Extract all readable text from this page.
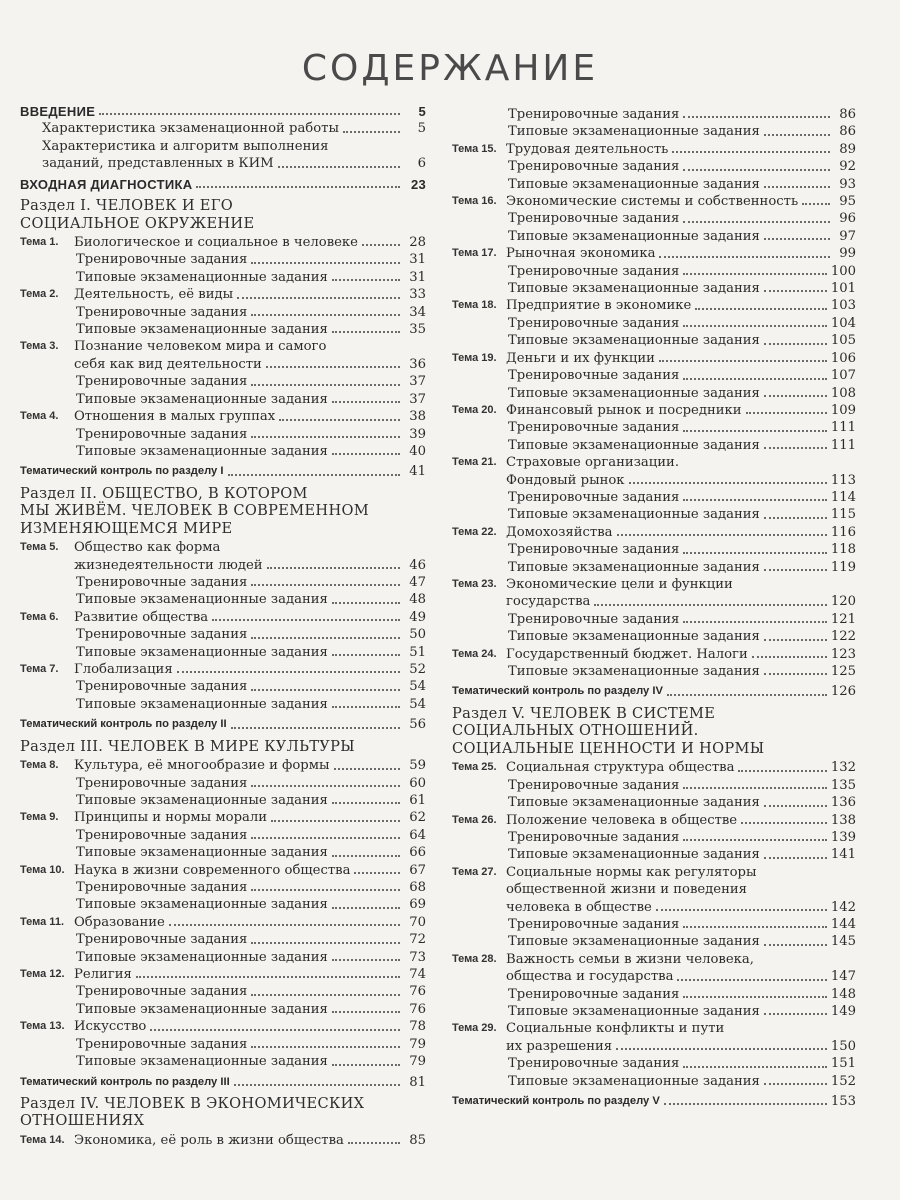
СОДЕРЖАНИЕ
ВВЕДЕНИЕ	5
Характеристика экзаменационной работы	5
Характеристика и алгоритм выполнения
заданий, представленных в КИМ	6
ВХОДНАЯ ДИАГНОСТИКА	23
Раздел I. ЧЕЛОВЕК И ЕГО
СОЦИАЛЬНОЕ ОКРУЖЕНИЕ
Тема 1.	Биологическое и социальное в человеке	28
Тренировочные задания	31
Типовые экзаменационные задания	31
Тема 2.	Деятельность, её виды	33
Тренировочные задания	34
Типовые экзаменационные задания	35
Тема 3.	Познание человеком мира и самого
себя как вид деятельности	36
Тренировочные задания	37
Типовые экзаменационные задания	37
Тема 4.	Отношения в малых группах	38
Тренировочные задания	39
Типовые экзаменационные задания	40
Тематический контроль по разделу I	41
Раздел II. ОБЩЕСТВО, В КОТОРОМ
МЫ ЖИВЁМ. ЧЕЛОВЕК В СОВРЕМЕННОМ
ИЗМЕНЯЮЩЕМСЯ МИРЕ
Тема 5.	Общество как форма
жизнедеятельности людей	46
Тренировочные задания	47
Типовые экзаменационные задания	48
Тема 6.	Развитие общества	49
Тренировочные задания	50
Типовые экзаменационные задания	51
Тема 7.	Глобализация	52
Тренировочные задания	54
Типовые экзаменационные задания	54
Тематический контроль по разделу II	56
Раздел III. ЧЕЛОВЕК В МИРЕ КУЛЬТУРЫ
Тема 8.	Культура, её многообразие и формы	59
Тренировочные задания	60
Типовые экзаменационные задания	61
Тема 9.	Принципы и нормы морали	62
Тренировочные задания	64
Типовые экзаменационные задания	66
Тема 10. Наука в жизни современного общества	67
Тренировочные задания	68
Типовые экзаменационные задания	69
Тема 11. Образование	70
Тренировочные задания	72
Типовые экзаменационные задания	73
Тема 12. Религия	74
Тренировочные задания	76
Типовые экзаменационные задания	76
Тема 13. Искусство	78
Тренировочные задания	79
Типовые экзаменационные задания	79
Тематический контроль по разделу III	81
Раздел IV. ЧЕЛОВЕК В ЭКОНОМИЧЕСКИХ
ОТНОШЕНИЯХ
Тема 14. Экономика, её роль в жизни общества	85
Тренировочные задания	86
Типовые экзаменационные задания	86
Тема 15. Трудовая деятельность	89
Тренировочные задания	92
Типовые экзаменационные задания	93
Тема 16. Экономические системы и собственность	95
Тренировочные задания	96
Типовые экзаменационные задания	97
Тема 17. Рыночная экономика	99
Тренировочные задания	100
Типовые экзаменационные задания	101
Тема 18. Предприятие в экономике	103
Тренировочные задания	104
Типовые экзаменационные задания	105
Тема 19. Деньги и их функции	106
Тренировочные задания	107
Типовые экзаменационные задания	108
Тема 20. Финансовый рынок и посредники	109
Тренировочные задания	111
Типовые экзаменационные задания	111
Тема 21. Страховые организации.
Фондовый рынок	113
Тренировочные задания	114
Типовые экзаменационные задания	115
Тема 22. Домохозяйства	116
Тренировочные задания	118
Типовые экзаменационные задания	119
Тема 23. Экономические цели и функции
государства	120
Тренировочные задания	121
Типовые экзаменационные задания	122
Тема 24. Государственный бюджет. Налоги	123
Типовые экзаменационные задания	125
Тематический контроль по разделу IV	126
Раздел V. ЧЕЛОВЕК В СИСТЕМЕ
СОЦИАЛЬНЫХ ОТНОШЕНИЙ.
СОЦИАЛЬНЫЕ ЦЕННОСТИ И НОРМЫ
Тема 25. Социальная структура общества	132
Тренировочные задания	135
Типовые экзаменационные задания	136
Тема 26. Положение человека в обществе	138
Тренировочные задания	139
Типовые экзаменационные задания	141
Тема 27. Социальные нормы как регуляторы
общественной жизни и поведения
человека в обществе	142
Тренировочные задания	144
Типовые экзаменационные задания	145
Тема 28. Важность семьи в жизни человека,
общества и государства	147
Тренировочные задания	148
Типовые экзаменационные задания	149
Тема 29. Социальные конфликты и пути
их разрешения	150
Тренировочные задания	151
Типовые экзаменационные задания	152
Тематический контроль по разделу V	153
